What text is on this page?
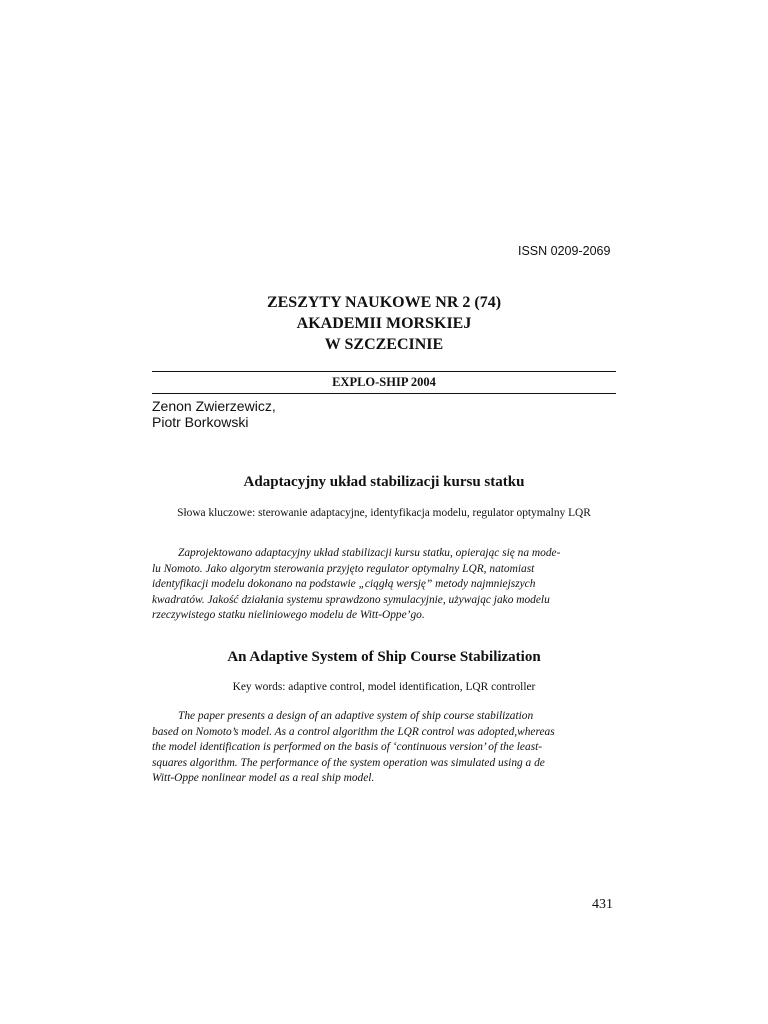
ISSN 0209-2069
ZESZYTY NAUKOWE NR 2 (74)
AKADEMII MORSKIEJ
W SZCZECINIE
EXPLO-SHIP 2004
Zenon Zwierzewicz,
Piotr Borkowski
Adaptacyjny układ stabilizacji kursu statku
Słowa kluczowe: sterowanie adaptacyjne, identyfikacja modelu, regulator optymalny LQR
Zaprojektowano adaptacyjny układ stabilizacji kursu statku, opierając się na mode-
lu Nomoto. Jako algorytm sterowania przyjęto regulator optymalny LQR, natomiast
identyfikacji modelu dokonano na podstawie „ciągłą wersję” metody najmniejszych
kwadratów. Jakość działania systemu sprawdzono symulacyjnie, używając jako modelu
rzeczywistego statku nieliniowego modelu de Witt-Oppe’go.
An Adaptive System of Ship Course Stabilization
Key words: adaptive control, model identification, LQR controller
The paper presents a design of an adaptive system of ship course stabilization
based on Nomoto’s model. As a control algorithm the LQR control was adopted,whereas
the model identification is performed on the basis of ‘continuous version’ of the least-
squares algorithm. The performance of the system operation was simulated using a de
Witt-Oppe nonlinear model as a real ship model.
431
